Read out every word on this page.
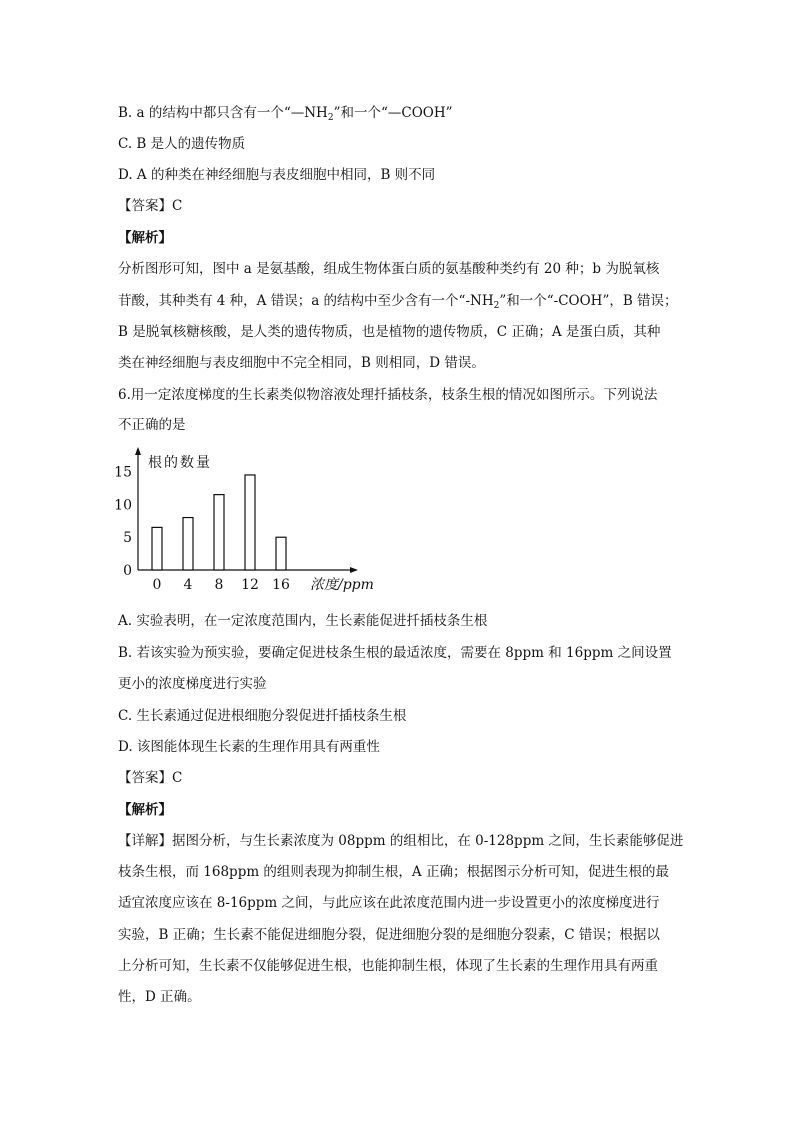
B. a 的结构中都只含有一个“$—NH_2$”和一个“—COOH”
C. B 是人的遗传物质
D. A 的种类在神经细胞与表皮细胞中相同，B 则不同
【答案】C
【解析】
分析图形可知，图中 a 是氨基酸，组成生物体蛋白质的氨基酸种类约有 20 种；b 为脱氧核
苷酸，其种类有 4 种，A 错误；a 的结构中至少含有一个“$-NH_2$”和一个“-COOH”，B 错误；
B 是脱氧核糖核酸，是人类的遗传物质，也是植物的遗传物质，C 正确；A 是蛋白质，其种
类在神经细胞与表皮细胞中不完全相同，B 则相同，D 错误。
6.用一定浓度梯度的生长素类似物溶液处理扦插枝条，枝条生根的情况如图所示。下列说法
不正确的是
0
5
10
15
0 4 8 12 16
根的数量
浓度/ppm
A. 实验表明，在一定浓度范围内，生长素能促进扦插枝条生根
B. 若该实验为预实验，要确定促进枝条生根的最适浓度，需要在 8ppm 和 16ppm 之间设置
更小的浓度梯度进行实验
C. 生长素通过促进根细胞分裂促进扦插枝条生根
D. 该图能体现生长素的生理作用具有两重性
【答案】C
【解析】
【详解】据图分析，与生长素浓度为 08ppm 的组相比，在 0-128ppm 之间，生长素能够促进
枝条生根，而 168ppm 的组则表现为抑制生根，A 正确；根据图示分析可知，促进生根的最
适宜浓度应该在 8-16ppm 之间，与此应该在此浓度范围内进一步设置更小的浓度梯度进行
实验，B 正确；生长素不能促进细胞分裂，促进细胞分裂的是细胞分裂素，C 错误；根据以
上分析可知，生长素不仅能够促进生根，也能抑制生根，体现了生长素的生理作用具有两重
性，D 正确。
